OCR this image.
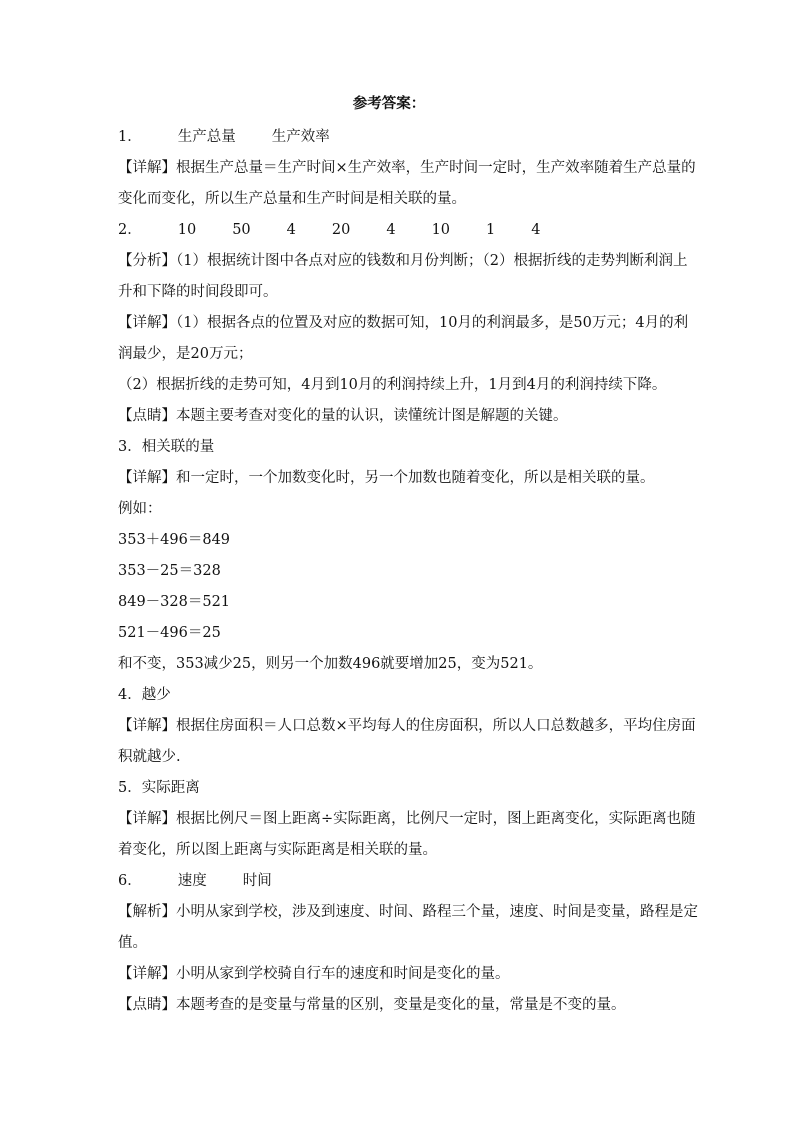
参考答案：
1． 生产总量 生产效率
【详解】根据生产总量＝生产时间×生产效率，生产时间一定时，生产效率随着生产总量的
变化而变化，所以生产总量和生产时间是相关联的量。
2． 10 50 4 20 4 10 1 4
【分析】（1）根据统计图中各点对应的钱数和月份判断；（2）根据折线的走势判断利润上
升和下降的时间段即可。
【详解】（1）根据各点的位置及对应的数据可知，10月的利润最多，是50万元；4月的利
润最少，是20万元；
（2）根据折线的走势可知，4月到10月的利润持续上升，1月到4月的利润持续下降。
【点睛】本题主要考查对变化的量的认识，读懂统计图是解题的关键。
3．相关联的量
【详解】和一定时，一个加数变化时，另一个加数也随着变化，所以是相关联的量。
例如：
353＋496＝849
353－25＝328
849－328＝521
521－496＝25
和不变，353减少25，则另一个加数496就要增加25，变为521。
4．越少
【详解】根据住房面积＝人口总数×平均每人的住房面积，所以人口总数越多，平均住房面
积就越少.
5．实际距离
【详解】根据比例尺＝图上距离÷实际距离，比例尺一定时，图上距离变化，实际距离也随
着变化，所以图上距离与实际距离是相关联的量。
6． 速度 时间
【解析】小明从家到学校，涉及到速度、时间、路程三个量，速度、时间是变量，路程是定
值。
【详解】小明从家到学校骑自行车的速度和时间是变化的量。
【点睛】本题考查的是变量与常量的区别，变量是变化的量，常量是不变的量。
